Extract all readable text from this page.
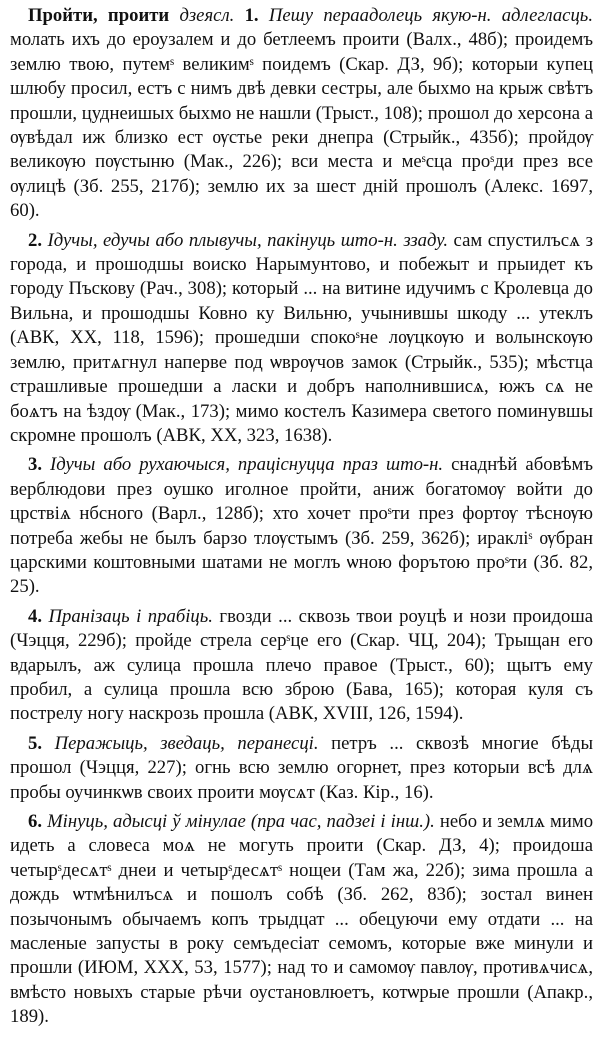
Пройти, проити дзеясл. 1. Пешу пераадолець якую-н. адлегласць. молать ихъ до ероузалем и до бетлеемъ проити (Валх., 48б); проидемъ землю твою, путемˢ великимˢ поидемъ (Скар. ДЗ, 9б); которыи купец шлюбу просил, естъ с нимъ двѣ девки сестры, але быхмо на крыж свѣтъ прошли, цуднеишых быхмо не нашли (Трыст., 108); прошол до херсона а ѹвѣдал иж близко ест ѹстье реки днепра (Стрыйк., 435б); пройдѹ великѹю пѹстыню (Мак., 226); вси места и меˢсца проˢди през все ѹлицѣ (Зб. 255, 217б); землю их за шест днiй прошолъ (Алекс. 1697, 60).

2. Ідучы, едучы або плывучы, пакінуць што-н. ззаду. сам спустилъсѧ з города, и прошодшы воиско Нарымунтово, и побежыт и прыидет къ городу Пъскову (Рач., 308); который ... на витине идучимъ с Кролевца до Вильна, и прошодшы Ковно ку Вильню, учынившы шкоду ... утеклъ (АВК, XX, 118, 1596); прошедши спокоˢне лѹцкѹю и волынскѹю землю, притѧгнул наперве под ѡврѹчов замок (Стрыйк., 535); мѣстца страшливые прошедши а ласки и добръ наполнившисѧ, южъ сѧ не боѧтъ на ѣздѹ (Мак., 173); мимо костелъ Казимера светого поминувшы скромне прошолъ (АВК, XX, 323, 1638).

3. Ідучы або рухаючыся, працiснуцца праз што-н. снаднѣй абовѣмъ верблюдови през оушко иголное пройти, аниж богатомѹ войти до црствiѧ нбсного (Варл., 128б); хто хочет проˢти през фортѹ тѣснѹю потреба жебы не былъ барзо тлѹстымъ (Зб. 259, 362б); иракліˢ ѹбран царскими коштовными шатами не моглъ ѡною форътою проˢти (Зб. 82, 25).

4. Пранізаць і прабіць. гвозди ... сквозь твои роуцѣ и нози проидоша (Чэцця, 229б); пройде стрела серˢце его (Скар. ЧЦ, 204); Трыщан его вдарылъ, аж сулица прошла плечо правое (Трыст., 60); щытъ ему пробил, а сулица прошла всю зброю (Бава, 165); которая куля съ пострелу ногу наскрозь прошла (АВК, XVIII, 126, 1594).

5. Перажыць, зведаць, перанесці. петръ ... сквозѣ многие бѣды прошол (Чэцця, 227); огнь всю землю огорнет, през которыи всѣ длѧ пробы оучинкѡв своих проити мѹсѧт (Каз. Кір., 16).

6. Мінуць, адысці ў мінулае (пра час, падзеі і інш.). небо и землѧ мимо идеть а словеса моѧ не могуть проити (Скар. ДЗ, 4); проидоша четырˢдесѧтˢ днеи и четырˢдесѧтˢ нощеи (Там жа, 22б); зима прошла а дождь ѡтмѣнилъсѧ и пошолъ собѣ (Зб. 262, 83б); зостал винен позычонымъ обычаемъ копъ трыдцат ... обецуючи ему отдати ... на масленые запусты в року семъдесiат семомъ, которые вже минули и прошли (ИЮМ, XXX, 53, 1577); над то и самомѹ павлѹ, противѧчисѧ, вмѣсто новыхъ старые рѣчи оустановлюетъ, котѡрые прошли (Апакр., 189).
